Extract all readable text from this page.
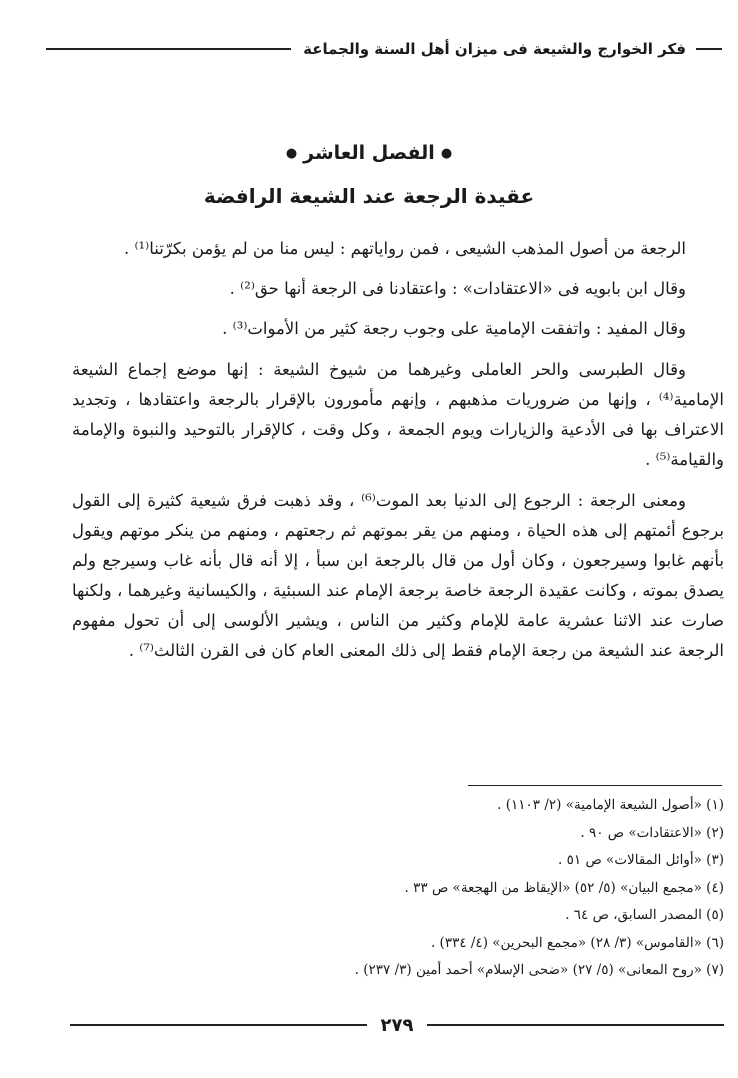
فكر الخوارج والشيعة فى ميزان أهل السنة والجماعة
●الفصل العاشر●
عقيدة الرجعة عند الشيعة الرافضة

الرجعة من أصول المذهب الشيعى ، فمن رواياتهم : ليس منا من لم يؤمن بكرّتنا⁽¹⁾ .

وقال ابن بابويه فى «الاعتقادات» : واعتقادنا فى الرجعة أنها حق⁽²⁾ .

وقال المفيد : واتفقت الإمامية على وجوب رجعة كثير من الأموات⁽³⁾ .

وقال الطبرسى والحر العاملى وغيرهما من شيوخ الشيعة : إنها موضع إجماع الشيعة الإمامية⁽⁴⁾ ، وإنها من ضروريات مذهبهم ، وإنهم مأمورون بالإقرار بالرجعة واعتقادها ، وتجديد الاعتراف بها فى الأدعية والزيارات ويوم الجمعة ، وكل وقت ، كالإقرار بالتوحيد والنبوة والإمامة والقيامة⁽⁵⁾ .

ومعنى الرجعة : الرجوع إلى الدنيا بعد الموت⁽⁶⁾ ، وقد ذهبت فرق شيعية كثيرة إلى القول برجوع أئمتهم إلى هذه الحياة ، ومنهم من يقر بموتهم ثم رجعتهم ، ومنهم من ينكر موتهم ويقول بأنهم غابوا وسيرجعون ، وكان أول من قال بالرجعة ابن سبأ ، إلا أنه قال بأنه غاب وسيرجع ولم يصدق بموته ، وكانت عقيدة الرجعة خاصة برجعة الإمام عند السبئية ، والكيسانية وغيرهما ، ولكنها صارت عند الاثنا عشرية عامة للإمام وكثير من الناس ، ويشير الألوسى إلى أن تحول مفهوم الرجعة عند الشيعة من رجعة الإمام فقط إلى ذلك المعنى العام كان فى القرن الثالث⁽⁷⁾ .

(١) «أصول الشيعة الإمامية» (٢/ ١١٠٣) .
(٢) «الاعتقادات» ص ٩٠ .
(٣) «أوائل المقالات» ص ٥١ .
(٤) «مجمع البيان» (٥/ ٥٢) «الإيقاظ من الهجعة» ص ٣٣ .
(٥) المصدر السابق، ص ٦٤ .
(٦) «القاموس» (٣/ ٢٨) «مجمع البحرين» (٤/ ٣٣٤) .
(٧) «روح المعانى» (٥/ ٢٧) «ضحى الإسلام» أحمد أمين (٣/ ٢٣٧) .
٢٧٩
